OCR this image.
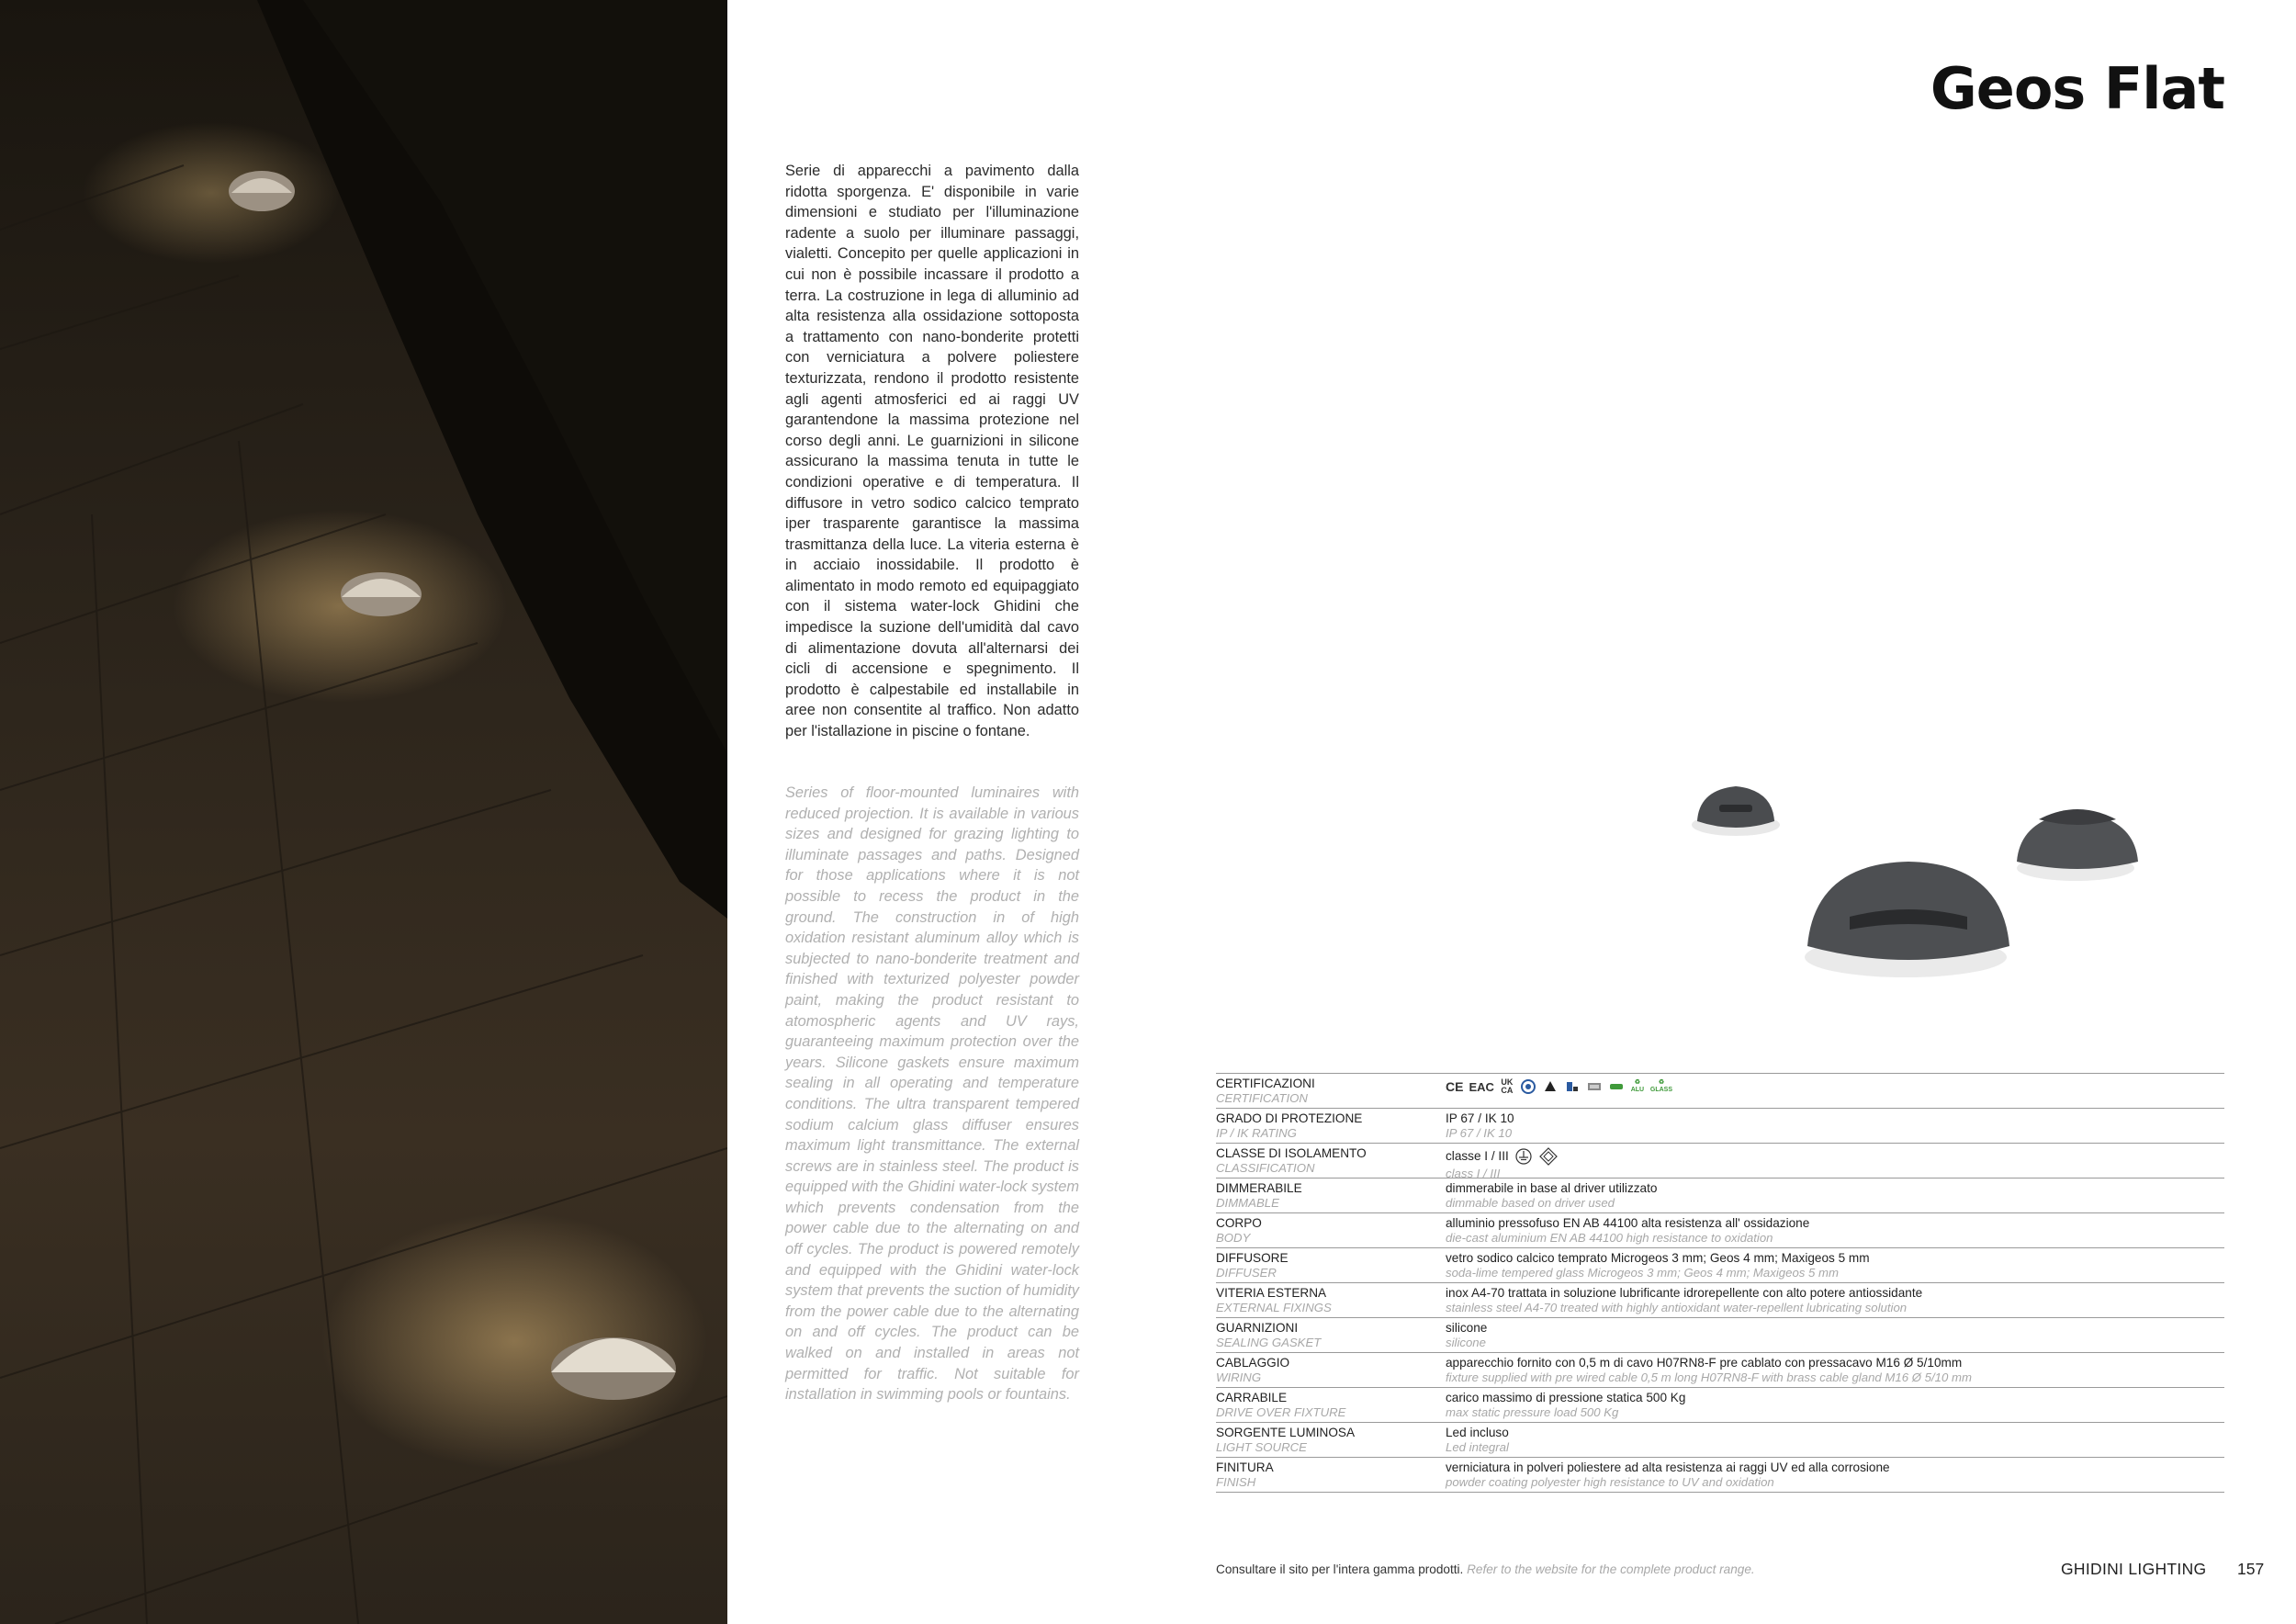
Geos Flat

Serie di apparecchi a pavimento dalla ridotta sporgenza. E' disponibile in varie dimensioni e studiato per l'illuminazione radente a suolo per illuminare passaggi, vialetti. Concepito per quelle applicazioni in cui non è possibile incassare il prodotto a terra. La costruzione in lega di alluminio ad alta resistenza alla ossidazione sottoposta a trattamento con nano-bonderite protetti con verniciatura a polvere poliestere texturizzata, rendono il prodotto resistente agli agenti atmosferici ed ai raggi UV garantendone la massima protezione nel corso degli anni. Le guarnizioni in silicone assicurano la massima tenuta in tutte le condizioni operative e di temperatura. Il diffusore in vetro sodico calcico temprato iper trasparente garantisce la massima trasmittanza della luce. La viteria esterna è in acciaio inossidabile. Il prodotto è alimentato in modo remoto ed equipaggiato con il sistema water-lock Ghidini che impedisce la suzione dell'umidità dal cavo di alimentazione dovuta all'alternarsi dei cicli di accensione e spegnimento. Il prodotto è calpestabile ed installabile in aree non consentite al traffico. Non adatto per l'istallazione in piscine o fontane.

Series of floor-mounted luminaires with reduced projection. It is available in various sizes and designed for grazing lighting to illuminate passages and paths. Designed for those applications where it is not possible to recess the product in the ground. The construction in of high oxidation resistant aluminum alloy which is subjected to nano-bonderite treatment and finished with texturized polyester powder paint, making the product resistant to atomospheric agents and UV rays, guaranteeing maximum protection over the years. Silicone gaskets ensure maximum sealing in all operating and temperature conditions. The ultra transparent tempered sodium calcium glass diffuser ensures maximum light transmittance. The external screws are in stainless steel. The product is equipped with the Ghidini water-lock system which prevents condensation from the power cable due to the alternating on and off cycles. The product is powered remotely and equipped with the Ghidini water-lock system that prevents the suction of humidity from the power cable due to the alternating on and off cycles. The product can be walked on and installed in areas not permitted for traffic. Not suitable for installation in swimming pools or fountains.

CERTIFICAZIONI
CERTIFICATION
CE EAC UK
CA
♻
ALU
♻
GLASS
GRADO DI PROTEZIONE
IP / IK RATING
IP 67 / IK 10
IP 67 / IK 10
CLASSE DI ISOLAMENTO
CLASSIFICATION
classe I / III
class I / III
DIMMERABILE
DIMMABLE
dimmerabile in base al driver utilizzato
dimmable based on driver used
CORPO
BODY
alluminio pressofuso EN AB 44100 alta resistenza all' ossidazione
die-cast aluminium EN AB 44100 high resistance to oxidation
DIFFUSORE
DIFFUSER
vetro sodico calcico temprato Microgeos 3 mm; Geos 4 mm; Maxigeos 5 mm
soda-lime tempered glass Microgeos 3 mm; Geos 4 mm; Maxigeos 5 mm
VITERIA ESTERNA
EXTERNAL FIXINGS
inox A4-70 trattata in soluzione lubrificante idrorepellente con alto potere antiossidante
stainless steel A4-70 treated with highly antioxidant water-repellent lubricating solution
GUARNIZIONI
SEALING GASKET
silicone
silicone
CABLAGGIO
WIRING
apparecchio fornito con 0,5 m di cavo H07RN8-F pre cablato con pressacavo M16 Ø 5/10mm
fixture supplied with pre wired cable 0,5 m long H07RN8-F with brass cable gland M16 Ø 5/10 mm
CARRABILE
DRIVE OVER FIXTURE
carico massimo di pressione statica 500 Kg
max static pressure load 500 Kg
SORGENTE LUMINOSA
LIGHT SOURCE
Led incluso
Led integral
FINITURA
FINISH
verniciatura in polveri poliestere ad alta resistenza ai raggi UV ed alla corrosione
powder coating polyester high resistance to UV and oxidation
Consultare il sito per l'intera gamma prodotti. Refer to the website for the complete product range.	GHIDINI LIGHTING 157
